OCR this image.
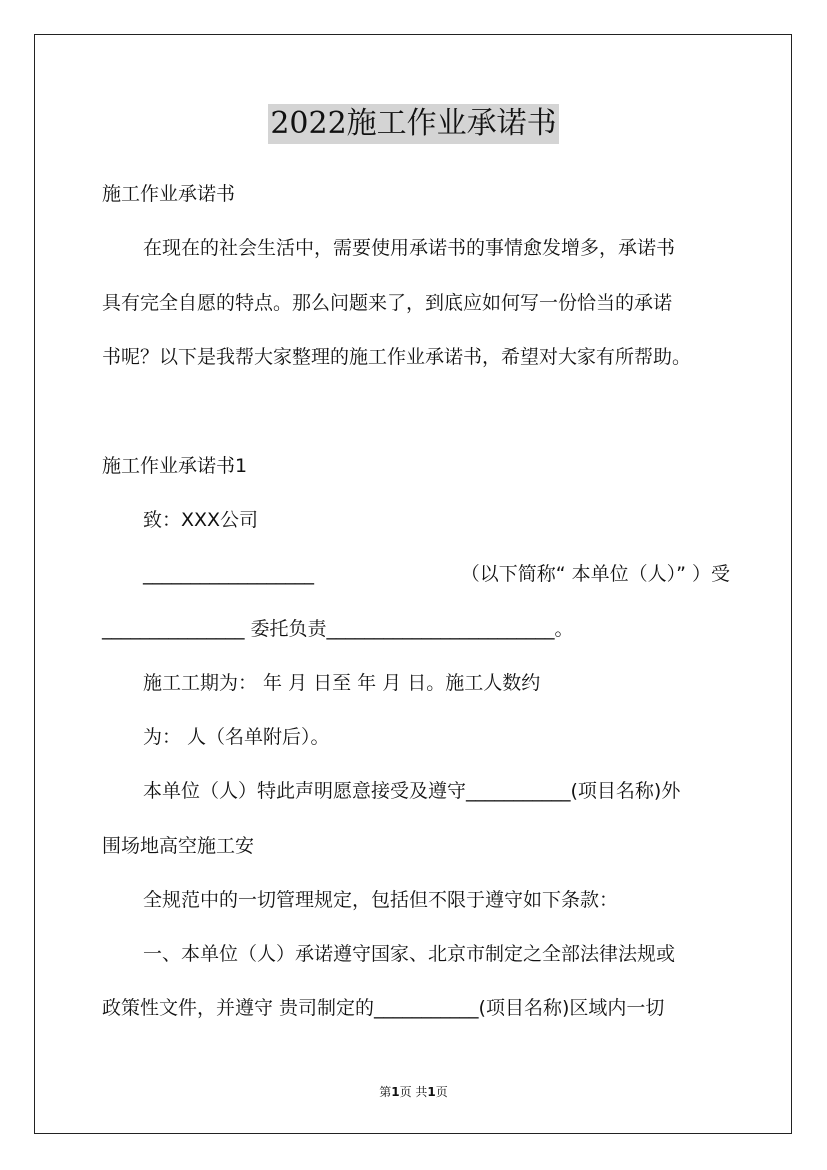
2022施工作业承诺书
施工作业承诺书
在现在的社会生活中，需要使用承诺书的事情愈发增多，承诺书
具有完全自愿的特点。那么问题来了，到底应如何写一份恰当的承诺
书呢？以下是我帮大家整理的施工作业承诺书，希望对大家有所帮助。
施工作业承诺书1
致：XXX公司
__________________	（以下简称“ 本单位（人）” ）受
_______________ 委托负责________________________。
施工工期为： 年 月 日至 年 月 日。施工人数约
为： 人（名单附后）。
本单位（人）特此声明愿意接受及遵守___________(项目名称)外
围场地高空施工安
全规范中的一切管理规定，包括但不限于遵守如下条款：
一、本单位（人）承诺遵守国家、北京市制定之全部法律法规或
政策性文件，并遵守 贵司制定的___________(项目名称)区域内一切
第1页 共1页
